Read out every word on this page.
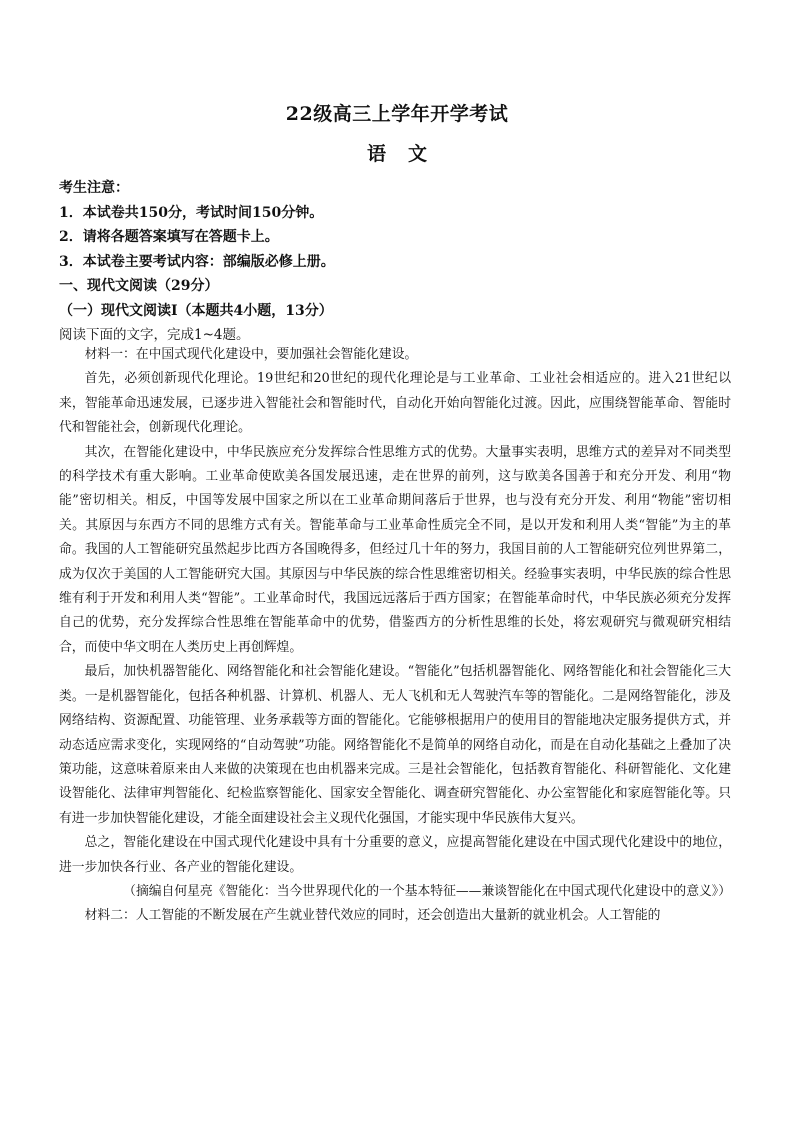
22级高三上学年开学考试
语文
考生注意：
1．本试卷共150分，考试时间150分钟。
2．请将各题答案填写在答题卡上。
3．本试卷主要考试内容：部编版必修上册。
一、现代文阅读（29分）
（一）现代文阅读Ⅰ（本题共4小题，13分）
阅读下面的文字，完成1~4题。

材料一：在中国式现代化建设中，要加强社会智能化建设。

首先，必须创新现代化理论。19世纪和20世纪的现代化理论是与工业革命、工业社会相适应的。进入21世纪以来，智能革命迅速发展，已逐步进入智能社会和智能时代，自动化开始向智能化过渡。因此，应围绕智能革命、智能时代和智能社会，创新现代化理论。

其次，在智能化建设中，中华民族应充分发挥综合性思维方式的优势。大量事实表明，思维方式的差异对不同类型的科学技术有重大影响。工业革命使欧美各国发展迅速，走在世界的前列，这与欧美各国善于和充分开发、利用“物能”密切相关。相反，中国等发展中国家之所以在工业革命期间落后于世界，也与没有充分开发、利用“物能”密切相关。其原因与东西方不同的思维方式有关。智能革命与工业革命性质完全不同，是以开发和利用人类“智能”为主的革命。我国的人工智能研究虽然起步比西方各国晚得多，但经过几十年的努力，我国目前的人工智能研究位列世界第二，成为仅次于美国的人工智能研究大国。其原因与中华民族的综合性思维密切相关。经验事实表明，中华民族的综合性思维有利于开发和利用人类“智能”。工业革命时代，我国远远落后于西方国家；在智能革命时代，中华民族必须充分发挥自己的优势，充分发挥综合性思维在智能革命中的优势，借鉴西方的分析性思维的长处，将宏观研究与微观研究相结合，而使中华文明在人类历史上再创辉煌。

最后，加快机器智能化、网络智能化和社会智能化建设。“智能化”包括机器智能化、网络智能化和社会智能化三大类。一是机器智能化，包括各种机器、计算机、机器人、无人飞机和无人驾驶汽车等的智能化。二是网络智能化，涉及网络结构、资源配置、功能管理、业务承载等方面的智能化。它能够根据用户的使用目的智能地决定服务提供方式，并动态适应需求变化，实现网络的“自动驾驶”功能。网络智能化不是简单的网络自动化，而是在自动化基础之上叠加了决策功能，这意味着原来由人来做的决策现在也由机器来完成。三是社会智能化，包括教育智能化、科研智能化、文化建设智能化、法律审判智能化、纪检监察智能化、国家安全智能化、调查研究智能化、办公室智能化和家庭智能化等。只有进一步加快智能化建设，才能全面建设社会主义现代化强国，才能实现中华民族伟大复兴。

总之，智能化建设在中国式现代化建设中具有十分重要的意义，应提高智能化建设在中国式现代化建设中的地位，进一步加快各行业、各产业的智能化建设。

（摘编自何星亮《智能化：当今世界现代化的一个基本特征——兼谈智能化在中国式现代化建设中的意义》）

材料二：人工智能的不断发展在产生就业替代效应的同时，还会创造出大量新的就业机会。人工智能的
